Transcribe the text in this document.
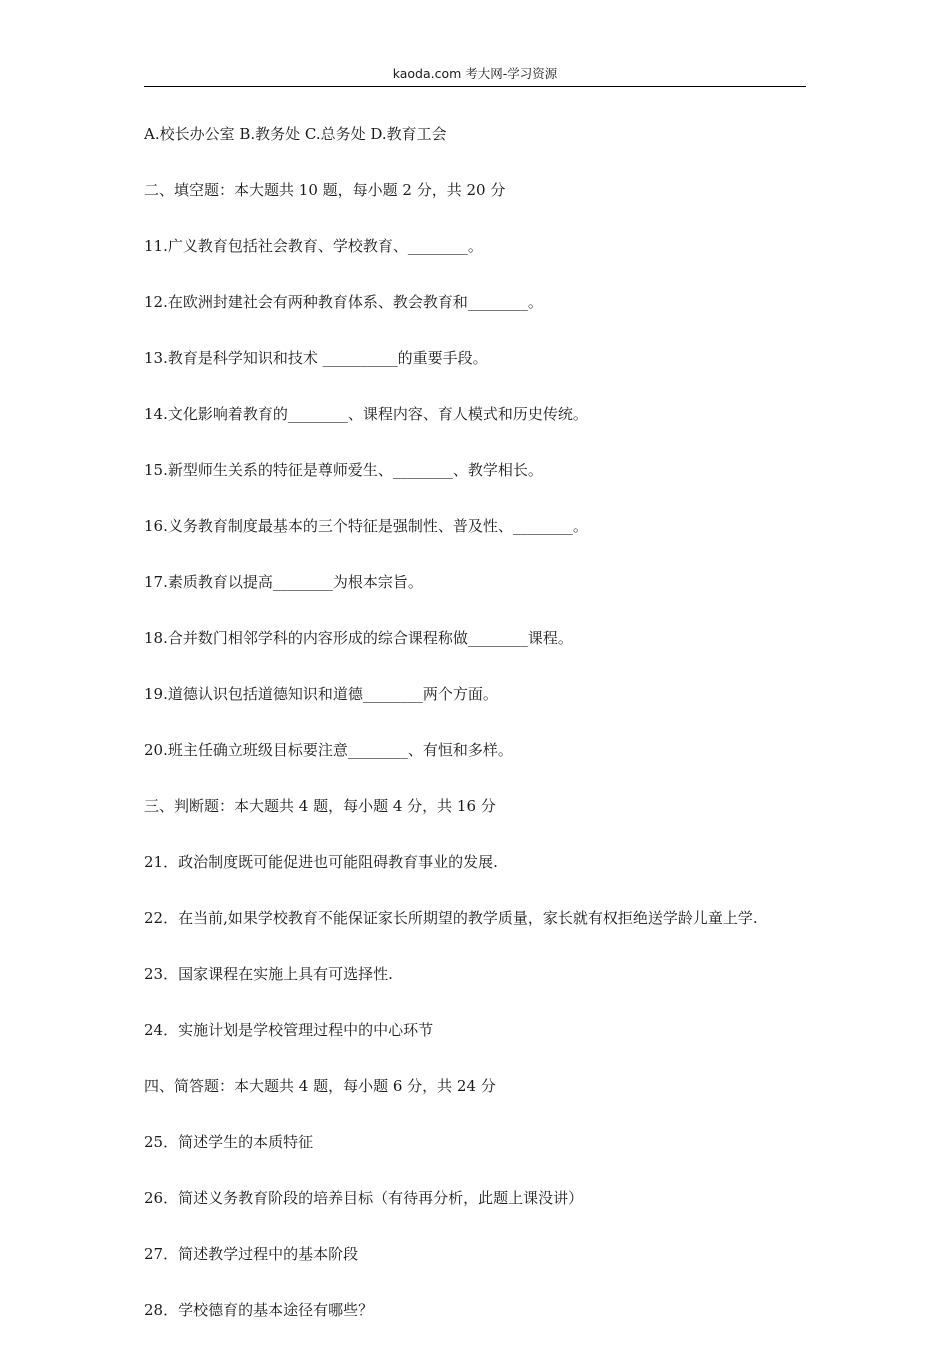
kaoda.com 考大网-学习资源

A.校长办公室 B.教务处 C.总务处 D.教育工会

二、填空题：本大题共 10 题，每小题 2 分，共 20 分

11.广义教育包括社会教育、学校教育、________。

12.在欧洲封建社会有两种教育体系、教会教育和________。

13.教育是科学知识和技术 __________的重要手段。

14.文化影响着教育的________、课程内容、育人模式和历史传统。

15.新型师生关系的特征是尊师爱生、________、教学相长。

16.义务教育制度最基本的三个特征是强制性、普及性、________。

17.素质教育以提高________为根本宗旨。

18.合并数门相邻学科的内容形成的综合课程称做________课程。

19.道德认识包括道德知识和道德________两个方面。

20.班主任确立班级目标要注意________、有恒和多样。

三、判断题：本大题共 4 题，每小题 4 分，共 16 分

21．政治制度既可能促进也可能阻碍教育事业的发展.

22．在当前,如果学校教育不能保证家长所期望的教学质量，家长就有权拒绝送学龄儿童上学.

23．国家课程在实施上具有可选择性.

24．实施计划是学校管理过程中的中心环节

四、简答题：本大题共 4 题，每小题 6 分，共 24 分

25．简述学生的本质特征

26．简述义务教育阶段的培养目标（有待再分析，此题上课没讲）

27．简述教学过程中的基本阶段

28．学校德育的基本途径有哪些？
